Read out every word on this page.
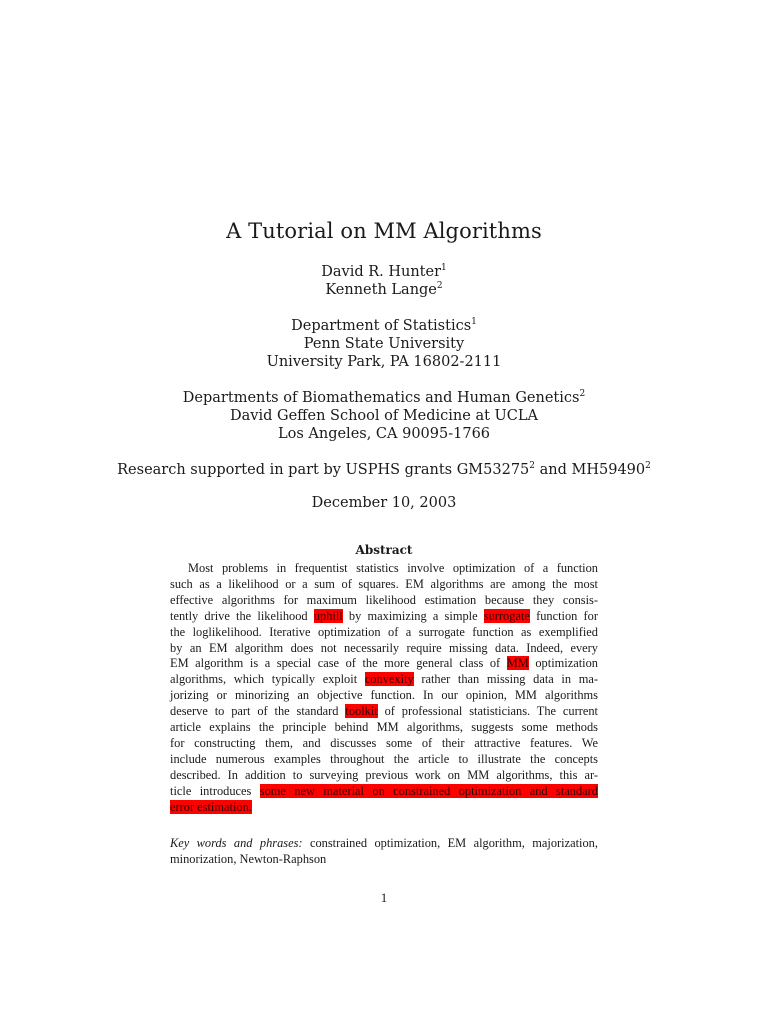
A Tutorial on MM Algorithms

David R. Hunter$^1$

Kenneth Lange$^2$

Department of Statistics$^1$

Penn State University

University Park, PA 16802-2111

Departments of Biomathematics and Human Genetics$^2$

David Geffen School of Medicine at UCLA

Los Angeles, CA 90095-1766

Research supported in part by USPHS grants GM53275$^2$ and MH59490$^2$

December 10, 2003

Abstract
Most problems in frequentist statistics involve optimization of a function
such as a likelihood or a sum of squares. EM algorithms are among the most
effective algorithms for maximum likelihood estimation because they consis-
tently drive the likelihood uphill by maximizing a simple surrogate function for
the loglikelihood. Iterative optimization of a surrogate function as exemplified
by an EM algorithm does not necessarily require missing data. Indeed, every
EM algorithm is a special case of the more general class of MM optimization
algorithms, which typically exploit convexity rather than missing data in ma-
jorizing or minorizing an objective function. In our opinion, MM algorithms
deserve to part of the standard toolkit of professional statisticians. The current
article explains the principle behind MM algorithms, suggests some methods
for constructing them, and discusses some of their attractive features. We
include numerous examples throughout the article to illustrate the concepts
described. In addition to surveying previous work on MM algorithms, this ar-
ticle introduces some new material on constrained optimization and standard
error estimation.
Key words and phrases: constrained optimization, EM algorithm, majorization,
minorization, Newton-Raphson
1
